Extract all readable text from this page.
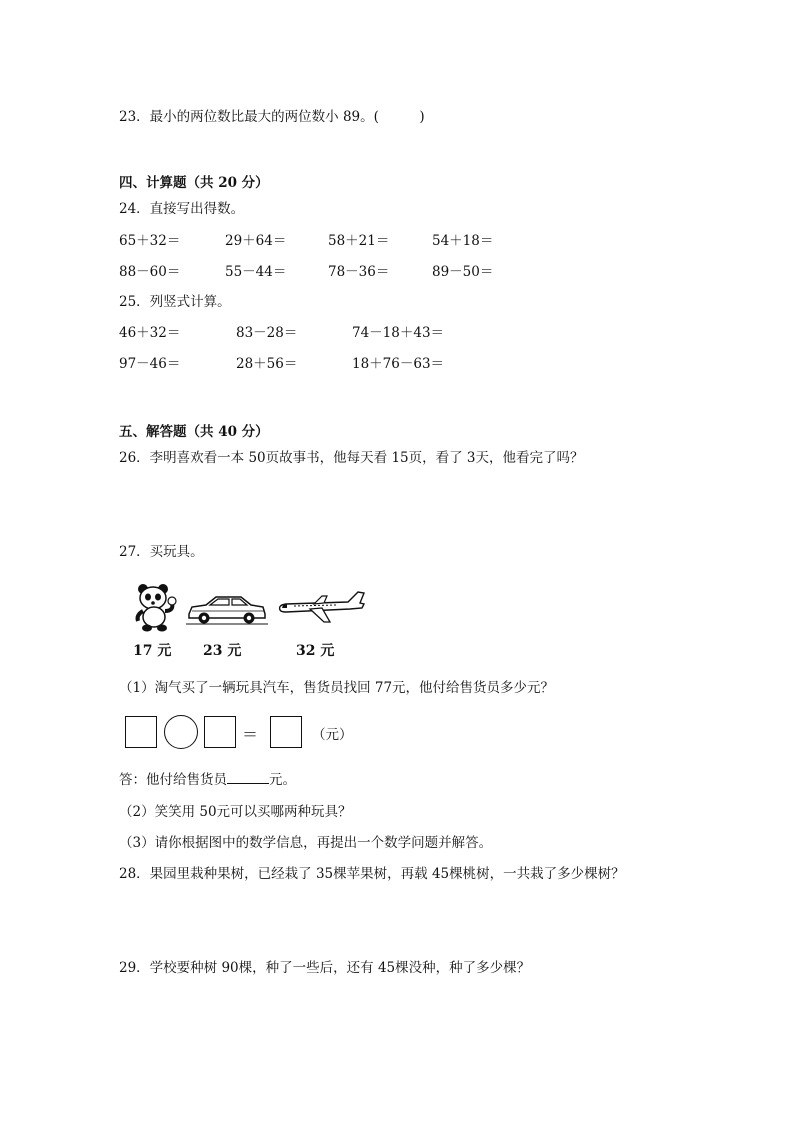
23．最小的两位数比最大的两位数小 89。(　　　)
四、计算题（共 20 分）
24．直接写出得数。
65＋32＝	29＋64＝	58＋21＝	54＋18＝
88－60＝	55－44＝	78－36＝	89－50＝
25．列竖式计算。
46＋32＝	83－28＝	74－18＋43＝
97－46＝	28＋56＝	18＋76－63＝
五、解答题（共 40 分）
26．李明喜欢看一本 50页故事书，他每天看 15页，看了 3天，他看完了吗？
27．买玩具。
17 元 23 元	32 元
（1）淘气买了一辆玩具汽车，售货员找回 77元，他付给售货员多少元？
＝	（元）
答：他付给售货员	元。
（2）笑笑用 50元可以买哪两种玩具？
（3）请你根据图中的数学信息，再提出一个数学问题并解答。
28．果园里栽种果树，已经栽了 35棵苹果树，再载 45棵桃树，一共栽了多少棵树？
29．学校要种树 90棵，种了一些后，还有 45棵没种，种了多少棵？
